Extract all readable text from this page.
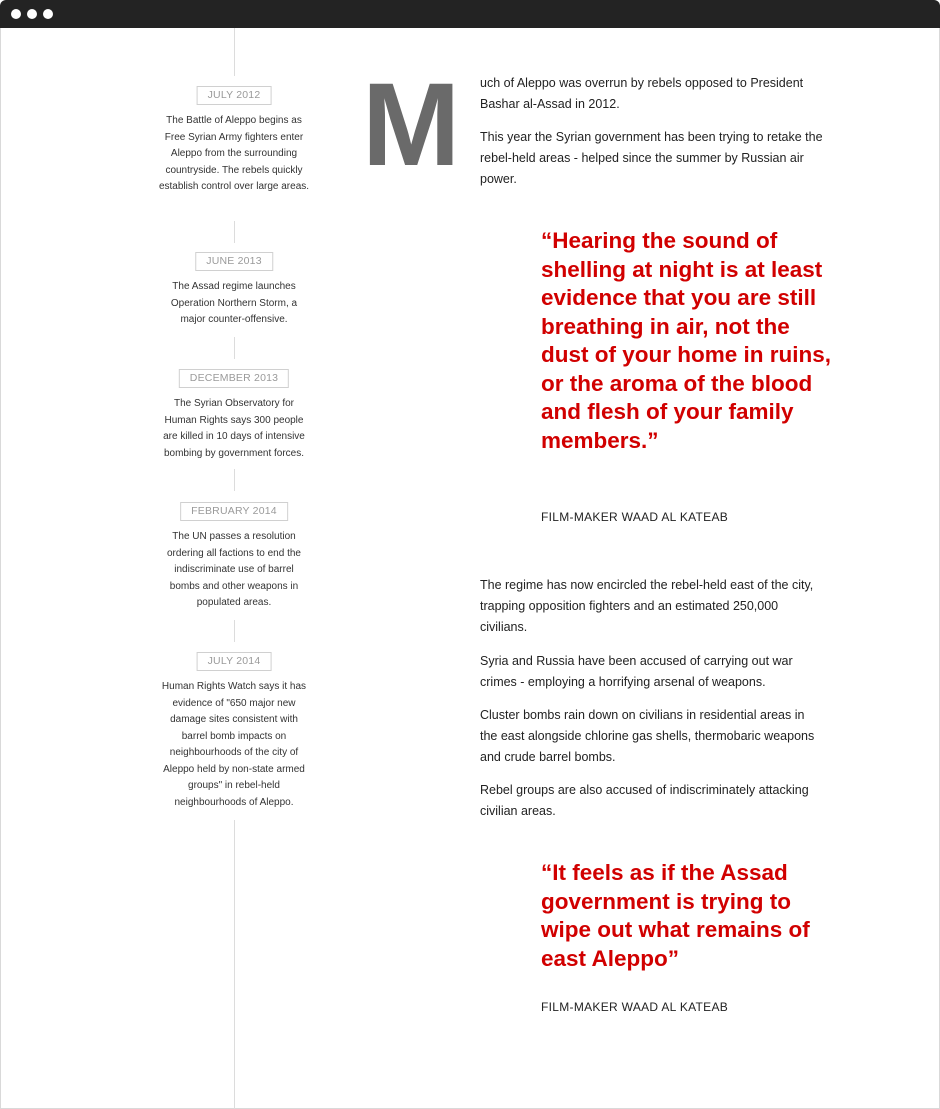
JULY 2012
The Battle of Aleppo begins as Free Syrian Army fighters enter Aleppo from the surrounding countryside. The rebels quickly establish control over large areas.
JUNE 2013
The Assad regime launches Operation Northern Storm, a major counter-offensive.
DECEMBER 2013
The Syrian Observatory for Human Rights says 300 people are killed in 10 days of intensive bombing by government forces.
FEBRUARY 2014
The UN passes a resolution ordering all factions to end the indiscriminate use of barrel bombs and other weapons in populated areas.
JULY 2014
Human Rights Watch says it has evidence of "650 major new damage sites consistent with barrel bomb impacts on neighbourhoods of the city of Aleppo held by non-state armed groups" in rebel-held neighbourhoods of Aleppo.
M uch of Aleppo was overrun by rebels opposed to President Bashar al-Assad in 2012.
This year the Syrian government has been trying to retake the rebel-held areas - helped since the summer by Russian air power.
“Hearing the sound of shelling at night is at least evidence that you are still breathing in air, not the dust of your home in ruins, or the aroma of the blood and flesh of your family members.”
FILM-MAKER WAAD AL KATEAB
The regime has now encircled the rebel-held east of the city, trapping opposition fighters and an estimated 250,000 civilians.
Syria and Russia have been accused of carrying out war crimes - employing a horrifying arsenal of weapons.
Cluster bombs rain down on civilians in residential areas in the east alongside chlorine gas shells, thermobaric weapons and crude barrel bombs.
Rebel groups are also accused of indiscriminately attacking civilian areas.
“It feels as if the Assad government is trying to wipe out what remains of east Aleppo”
FILM-MAKER WAAD AL KATEAB
